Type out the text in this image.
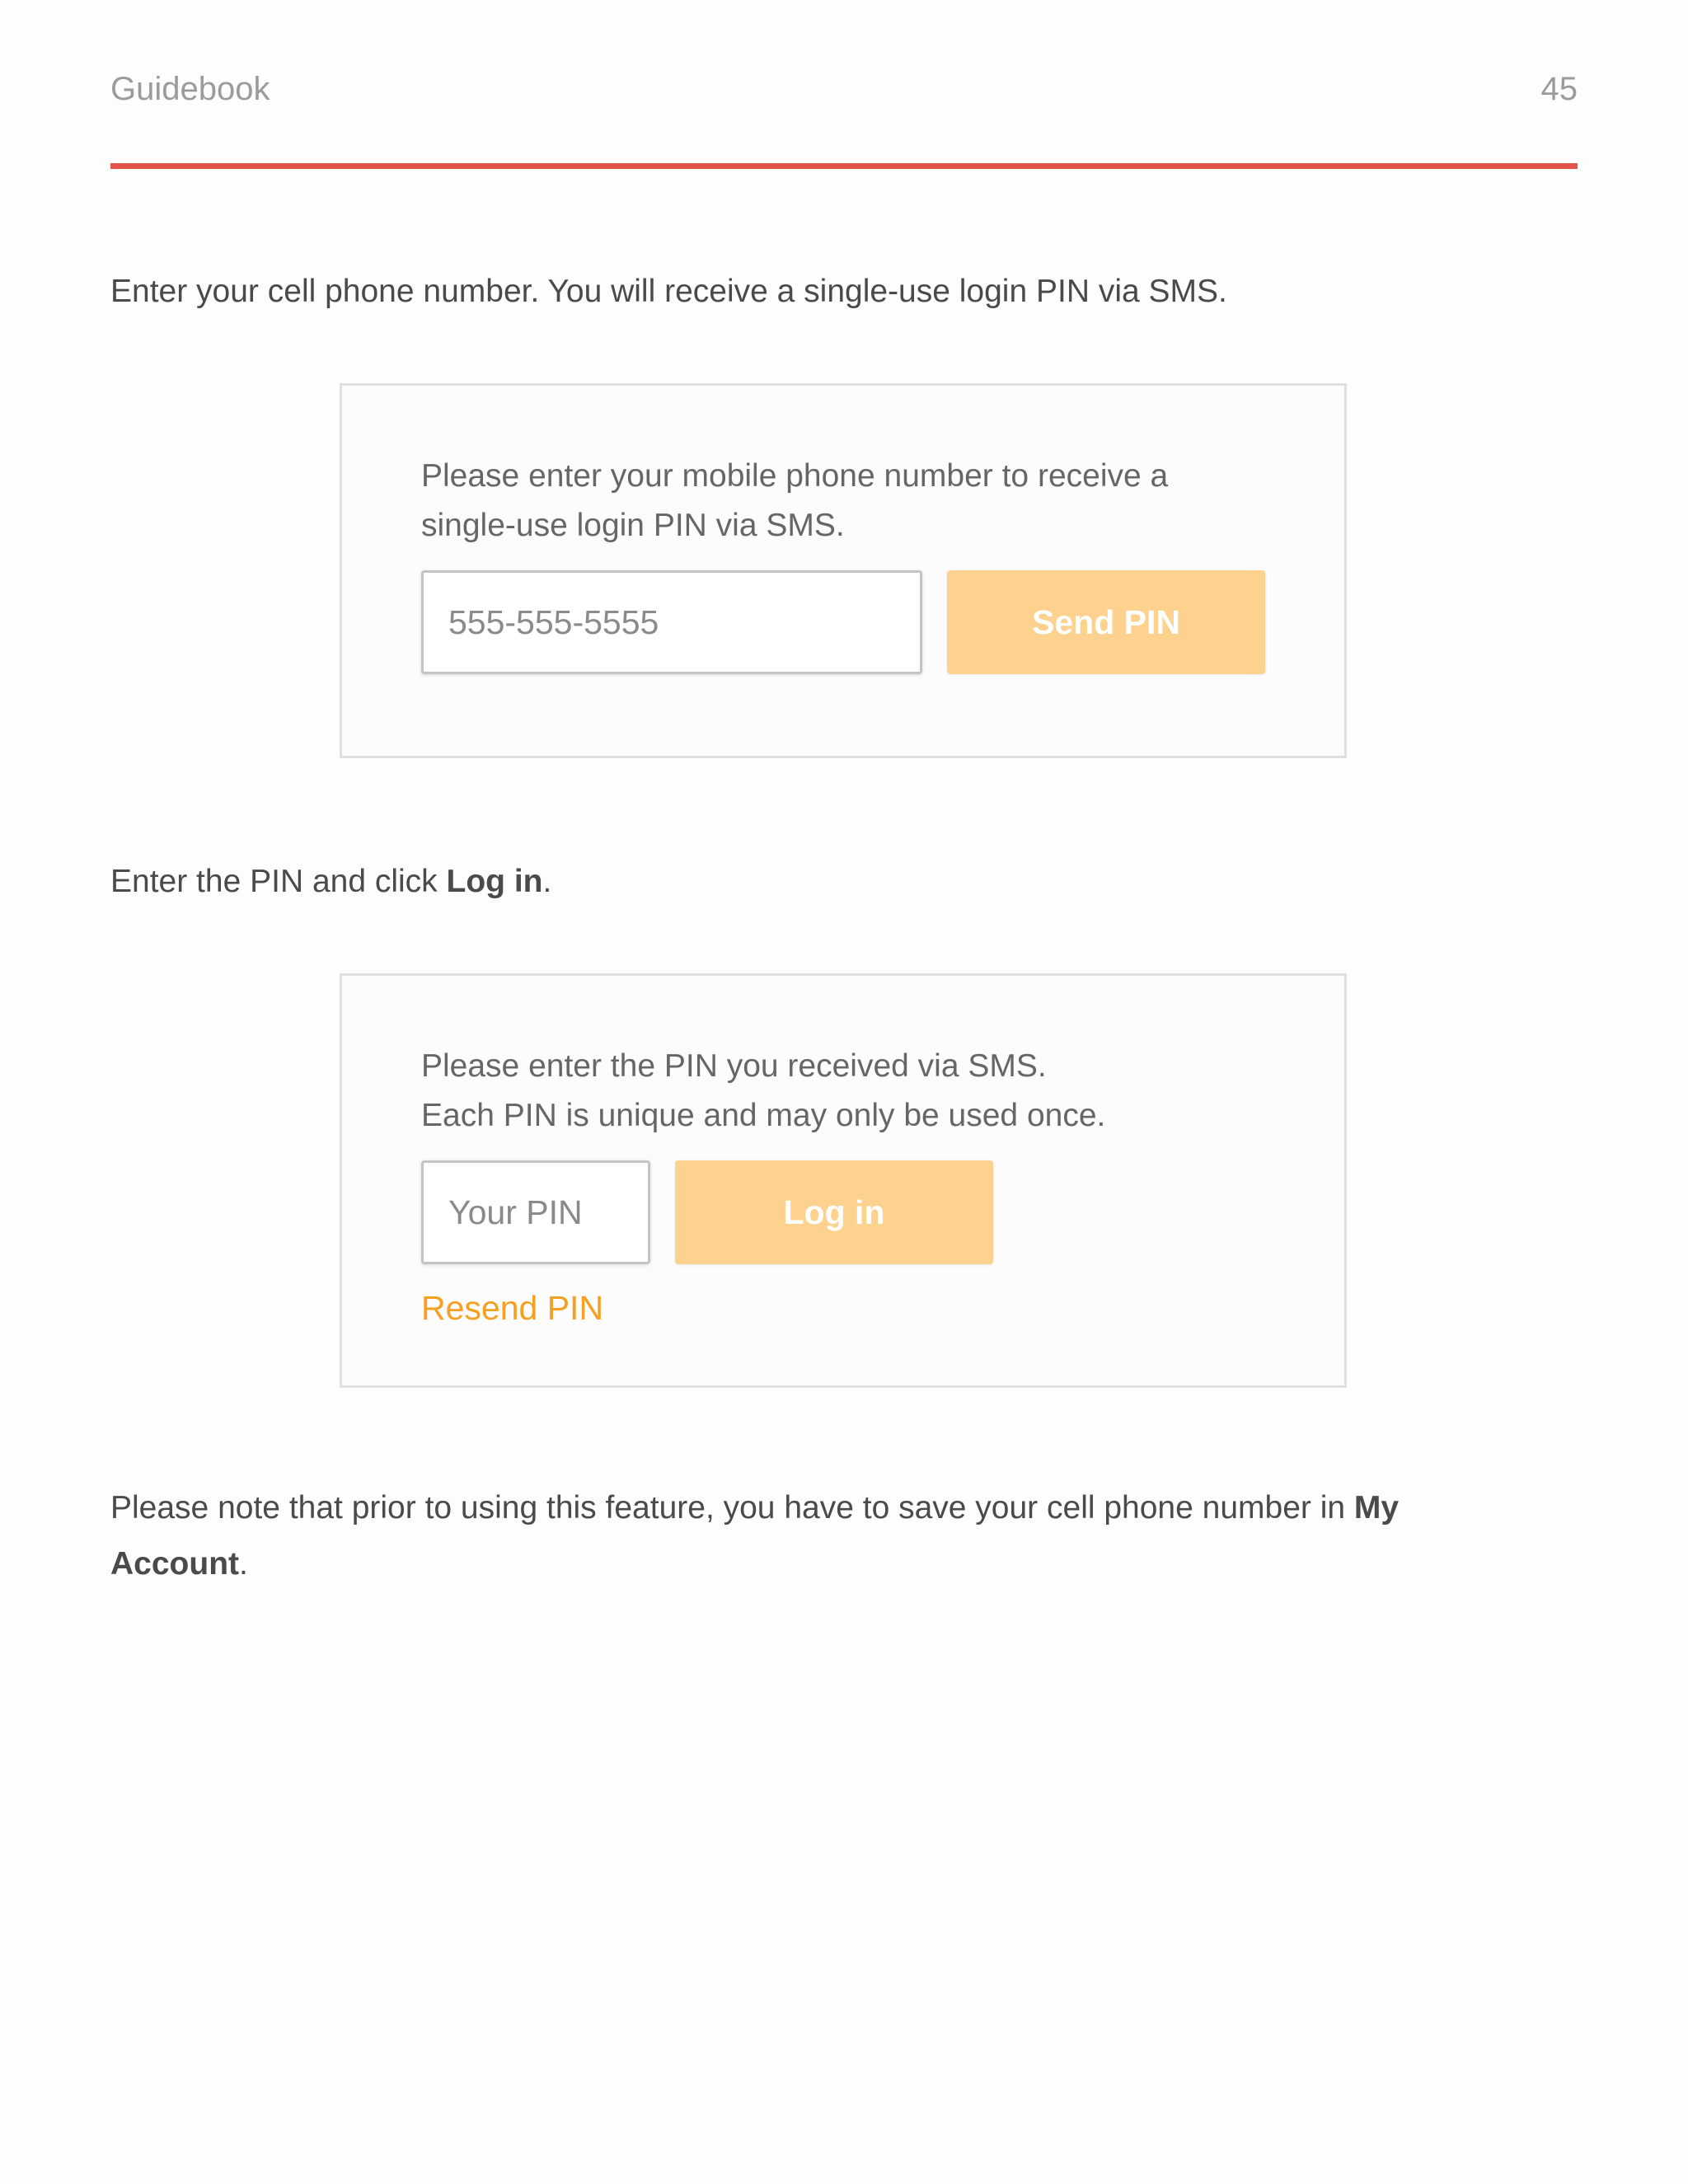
Guidebook	45

Enter your cell phone number. You will receive a single-use login PIN via SMS.

Please enter your mobile phone number to receive a
single-use login PIN via SMS.

555-555-5555
Send PIN

Enter the PIN and click Log in.

Please enter the PIN you received via SMS.
Each PIN is unique and may only be used once.

Your PIN
Log in
Resend PIN

Please note that prior to using this feature, you have to save your cell phone number in My Account.
